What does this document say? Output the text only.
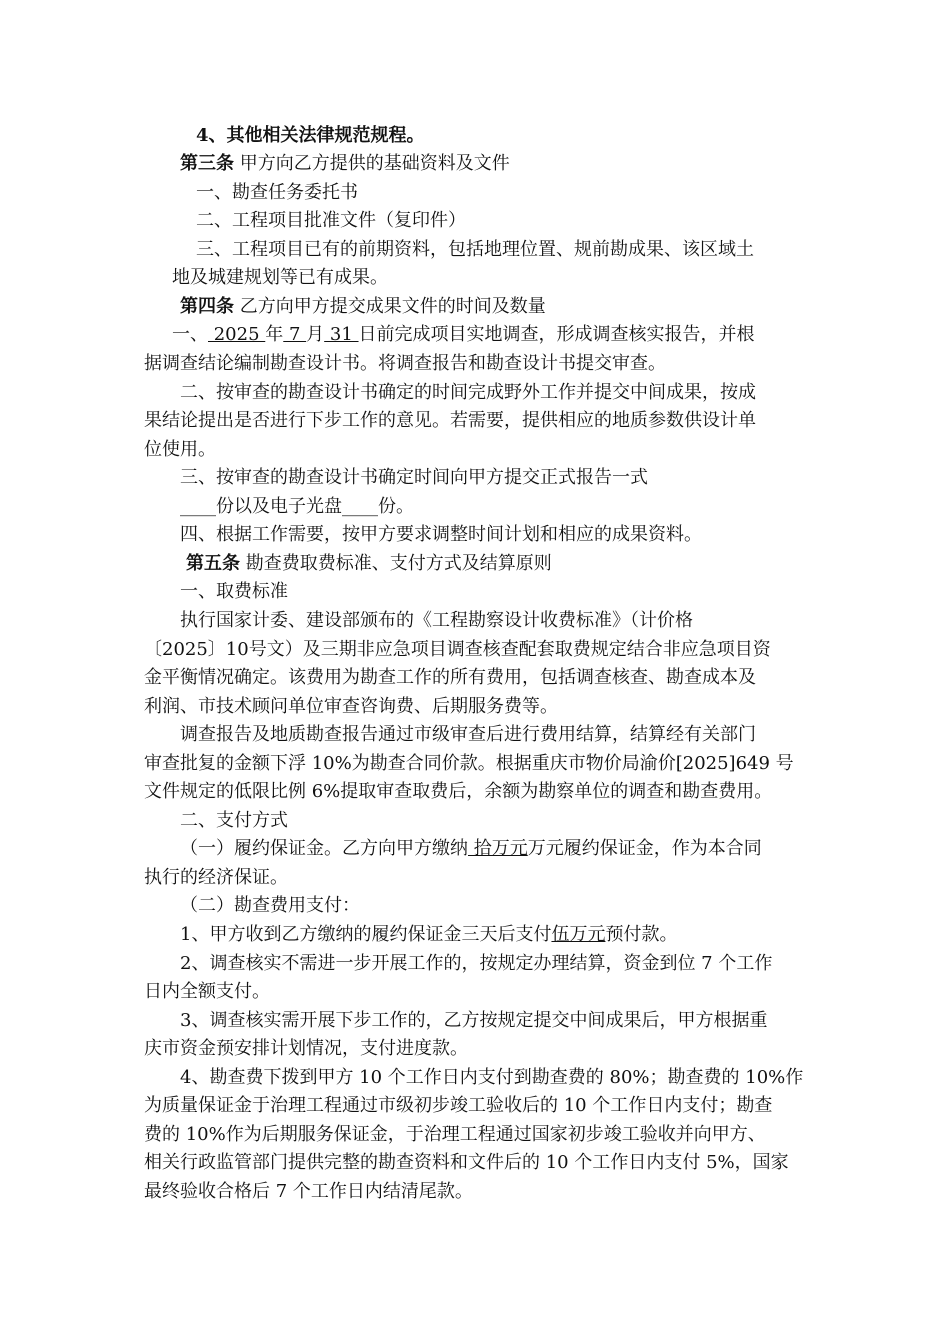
4、其他相关法律规范规程。
第三条 甲方向乙方提供的基础资料及文件
一、勘查任务委托书
二、工程项目批准文件（复印件）
三、工程项目已有的前期资料，包括地理位置、规前勘成果、该区域土
地及城建规划等已有成果。
第四条 乙方向甲方提交成果文件的时间及数量
一、 2025 年 7 月 31 日前完成项目实地调查，形成调查核实报告，并根
据调查结论编制勘查设计书。将调查报告和勘查设计书提交审查。
二、按审查的勘查设计书确定的时间完成野外工作并提交中间成果，按成
果结论提出是否进行下步工作的意见。若需要，提供相应的地质参数供设计单
位使用。
三、按审查的勘查设计书确定时间向甲方提交正式报告一式
____份以及电子光盘____份。
四、根据工作需要，按甲方要求调整时间计划和相应的成果资料。
第五条 勘查费取费标准、支付方式及结算原则
一、取费标准
执行国家计委、建设部颁布的《工程勘察设计收费标准》（计价格
〔2025〕10号文）及三期非应急项目调查核查配套取费规定结合非应急项目资
金平衡情况确定。该费用为勘查工作的所有费用，包括调查核查、勘查成本及
利润、市技术顾问单位审查咨询费、后期服务费等。
调查报告及地质勘查报告通过市级审查后进行费用结算，结算经有关部门
审查批复的金额下浮 10%为勘查合同价款。根据重庆市物价局渝价[2025]649 号
文件规定的低限比例 6%提取审查取费后，余额为勘察单位的调查和勘查费用。
二、支付方式
（一）履约保证金。乙方向甲方缴纳 拾万元万元履约保证金，作为本合同
执行的经济保证。
（二）勘查费用支付：
1、甲方收到乙方缴纳的履约保证金三天后支付伍万元预付款。
2、调查核实不需进一步开展工作的，按规定办理结算，资金到位 7 个工作
日内全额支付。
3、调查核实需开展下步工作的，乙方按规定提交中间成果后，甲方根据重
庆市资金预安排计划情况，支付进度款。
4、勘查费下拨到甲方 10 个工作日内支付到勘查费的 80%；勘查费的 10%作
为质量保证金于治理工程通过市级初步竣工验收后的 10 个工作日内支付；勘查
费的 10%作为后期服务保证金，于治理工程通过国家初步竣工验收并向甲方、
相关行政监管部门提供完整的勘查资料和文件后的 10 个工作日内支付 5%，国家
最终验收合格后 7 个工作日内结清尾款。
